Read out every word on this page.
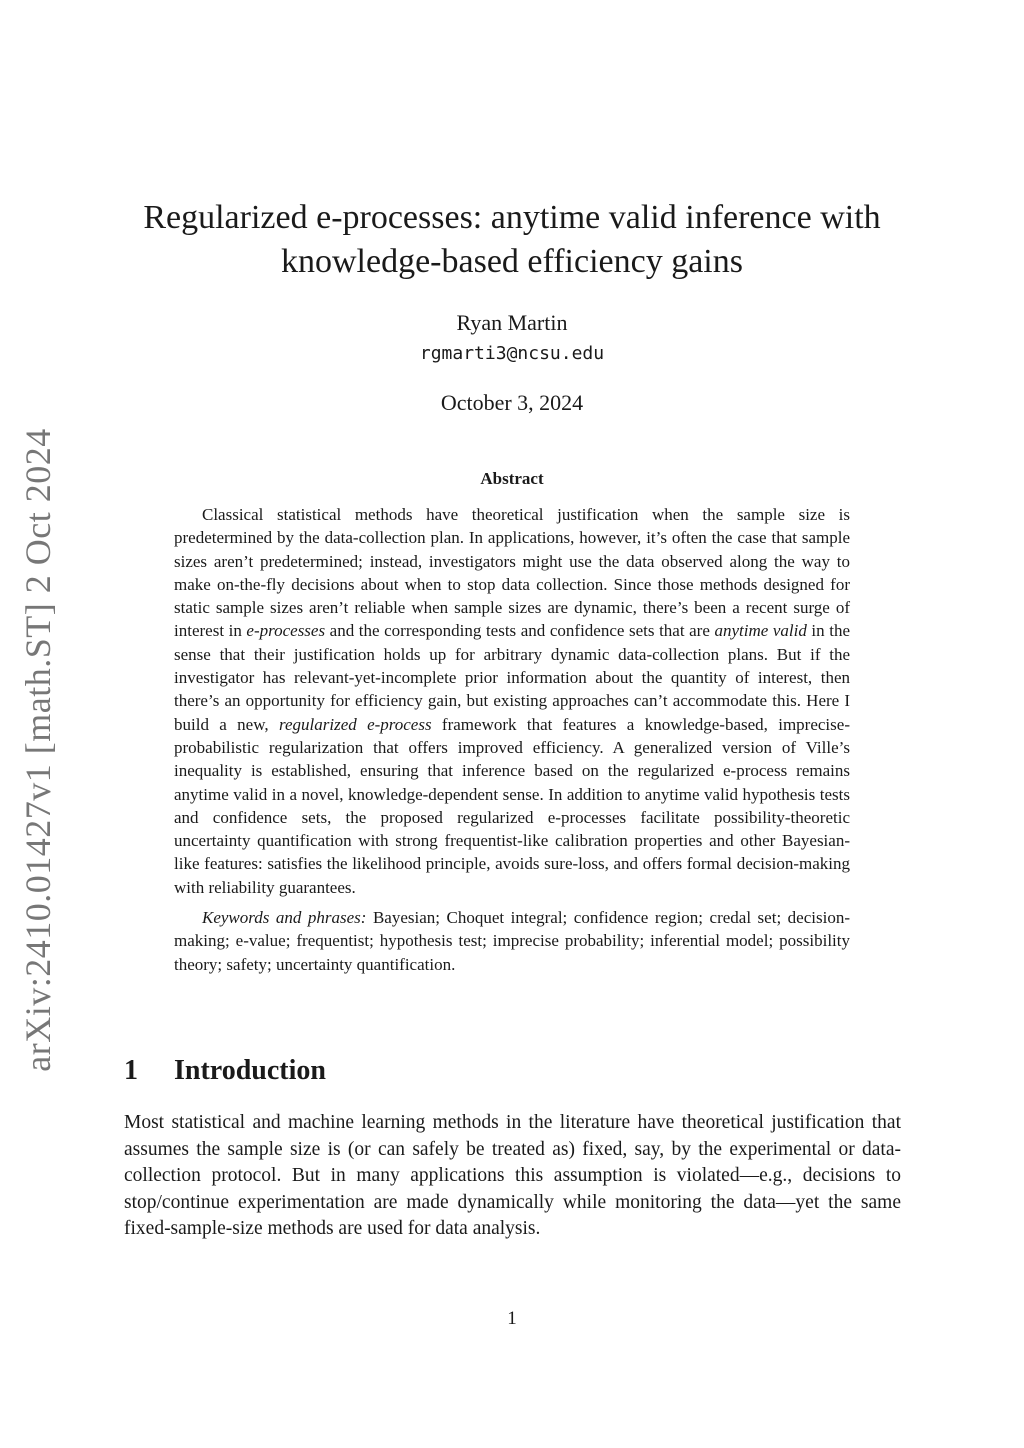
arXiv:2410.01427v1 [math.ST] 2 Oct 2024
Regularized e-processes: anytime valid inference with
knowledge-based efficiency gains
Ryan Martin
rgmarti3@ncsu.edu
October 3, 2024
Abstract

Classical statistical methods have theoretical justification when the sample size is predetermined by the data-collection plan. In applications, however, it’s often the case that sample sizes aren’t predetermined; instead, investigators might use the data observed along the way to make on-the-fly decisions about when to stop data collection. Since those methods designed for static sample sizes aren’t reliable when sample sizes are dynamic, there’s been a recent surge of interest in e-processes and the corresponding tests and confidence sets that are anytime valid in the sense that their justification holds up for arbitrary dynamic data-collection plans. But if the investigator has relevant-yet-incomplete prior information about the quantity of interest, then there’s an opportunity for efficiency gain, but existing approaches can’t accommodate this. Here I build a new, regularized e-process framework that features a knowledge-based, imprecise-probabilistic regularization that offers improved efficiency. A generalized version of Ville’s inequality is established, ensuring that inference based on the regularized e-process remains anytime valid in a novel, knowledge-dependent sense. In addition to anytime valid hypothesis tests and confidence sets, the proposed regularized e-processes facilitate possibility-theoretic uncertainty quantification with strong frequentist-like calibration properties and other Bayesian-like features: satisfies the likelihood principle, avoids sure-loss, and offers formal decision-making with reliability guarantees.

Keywords and phrases: Bayesian; Choquet integral; confidence region; credal set; decision-making; e-value; frequentist; hypothesis test; imprecise probability; inferential model; possibility theory; safety; uncertainty quantification.

1 Introduction

Most statistical and machine learning methods in the literature have theoretical justification that assumes the sample size is (or can safely be treated as) fixed, say, by the experimental or data-collection protocol. But in many applications this assumption is violated—e.g., decisions to stop/continue experimentation are made dynamically while monitoring the data—yet the same fixed-sample-size methods are used for data analysis.

1
